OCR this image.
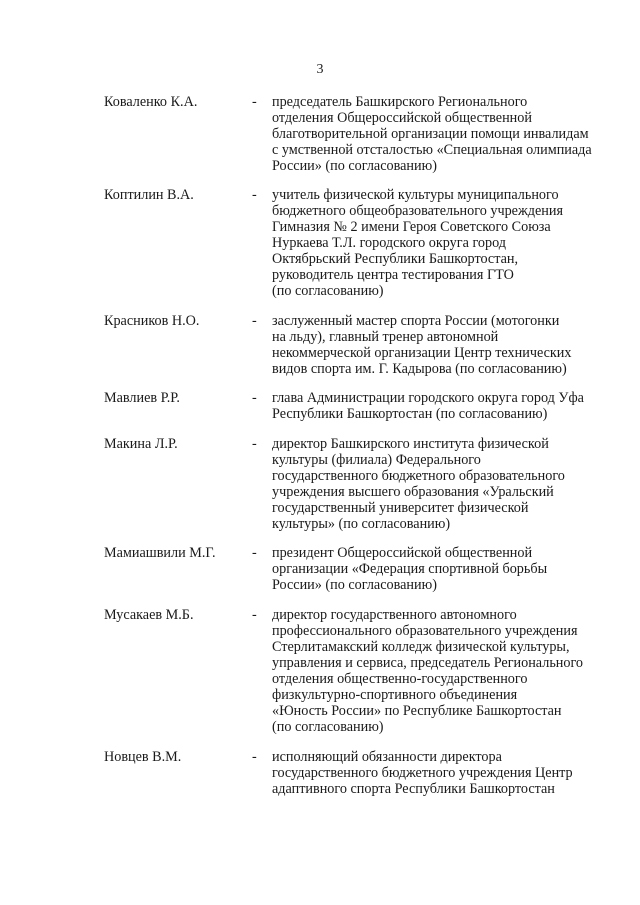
3
Коваленко К.А.	- председатель Башкирского Регионального
отделения Общероссийской общественной
благотворительной организации помощи инвалидам
с умственной отсталостью «Специальная олимпиада
России» (по согласованию)
Коптилин В.А.	- учитель физической культуры муниципального
бюджетного общеобразовательного учреждения
Гимназия № 2 имени Героя Советского Союза
Нуркаева Т.Л. городского округа город
Октябрьский Республики Башкортостан,
руководитель центра тестирования ГТО
(по согласованию)
Красников Н.О.	- заслуженный мастер спорта России (мотогонки
на льду), главный тренер автономной
некоммерческой организации Центр технических
видов спорта им. Г. Кадырова (по согласованию)
Мавлиев Р.Р.	- глава Администрации городского округа город Уфа
Республики Башкортостан (по согласованию)
Макина Л.Р.	- директор Башкирского института физической
культуры (филиала) Федерального
государственного бюджетного образовательного
учреждения высшего образования «Уральский
государственный университет физической
культуры» (по согласованию)
Мамиашвили М.Г.	- президент Общероссийской общественной
организации «Федерация спортивной борьбы
России» (по согласованию)
Мусакаев М.Б.	- директор государственного автономного
профессионального образовательного учреждения
Стерлитамакский колледж физической культуры,
управления и сервиса, председатель Регионального
отделения общественно-государственного
физкультурно-спортивного объединения
«Юность России» по Республике Башкортостан
(по согласованию)
Новцев В.М.	- исполняющий обязанности директора
государственного бюджетного учреждения Центр
адаптивного спорта Республики Башкортостан
